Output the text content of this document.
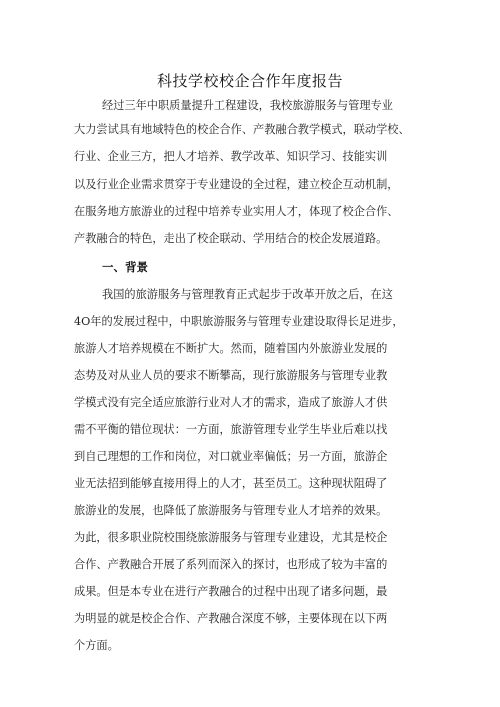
科技学校校企合作年度报告
经过三年中职质量提升工程建设，我校旅游服务与管理专业
大力尝试具有地域特色的校企合作、产教融合教学模式，联动学校、
行业、企业三方，把人才培养、教学改革、知识学习、技能实训
以及行业企业需求贯穿于专业建设的全过程，建立校企互动机制，
在服务地方旅游业的过程中培养专业实用人才，体现了校企合作、
产教融合的特色，走出了校企联动、学用结合的校企发展道路。
一、背景
我国的旅游服务与管理教育正式起步于改革开放之后，在这
4O年的发展过程中，中职旅游服务与管理专业建设取得长足进步，
旅游人才培养规模在不断扩大。然而，随着国内外旅游业发展的
态势及对从业人员的要求不断攀高，现行旅游服务与管理专业教
学模式没有完全适应旅游行业对人才的需求，造成了旅游人才供
需不平衡的错位现状：一方面，旅游管理专业学生毕业后难以找
到自己理想的工作和岗位，对口就业率偏低；另一方面，旅游企
业无法招到能够直接用得上的人才，甚至员工。这种现状阻碍了
旅游业的发展，也降低了旅游服务与管理专业人才培养的效果。
为此，很多职业院校围绕旅游服务与管理专业建设，尤其是校企
合作、产教融合开展了系列而深入的探讨，也形成了较为丰富的
成果。但是本专业在进行产教融合的过程中出现了诸多问题，最
为明显的就是校企合作、产教融合深度不够，主要体现在以下两
个方面。
